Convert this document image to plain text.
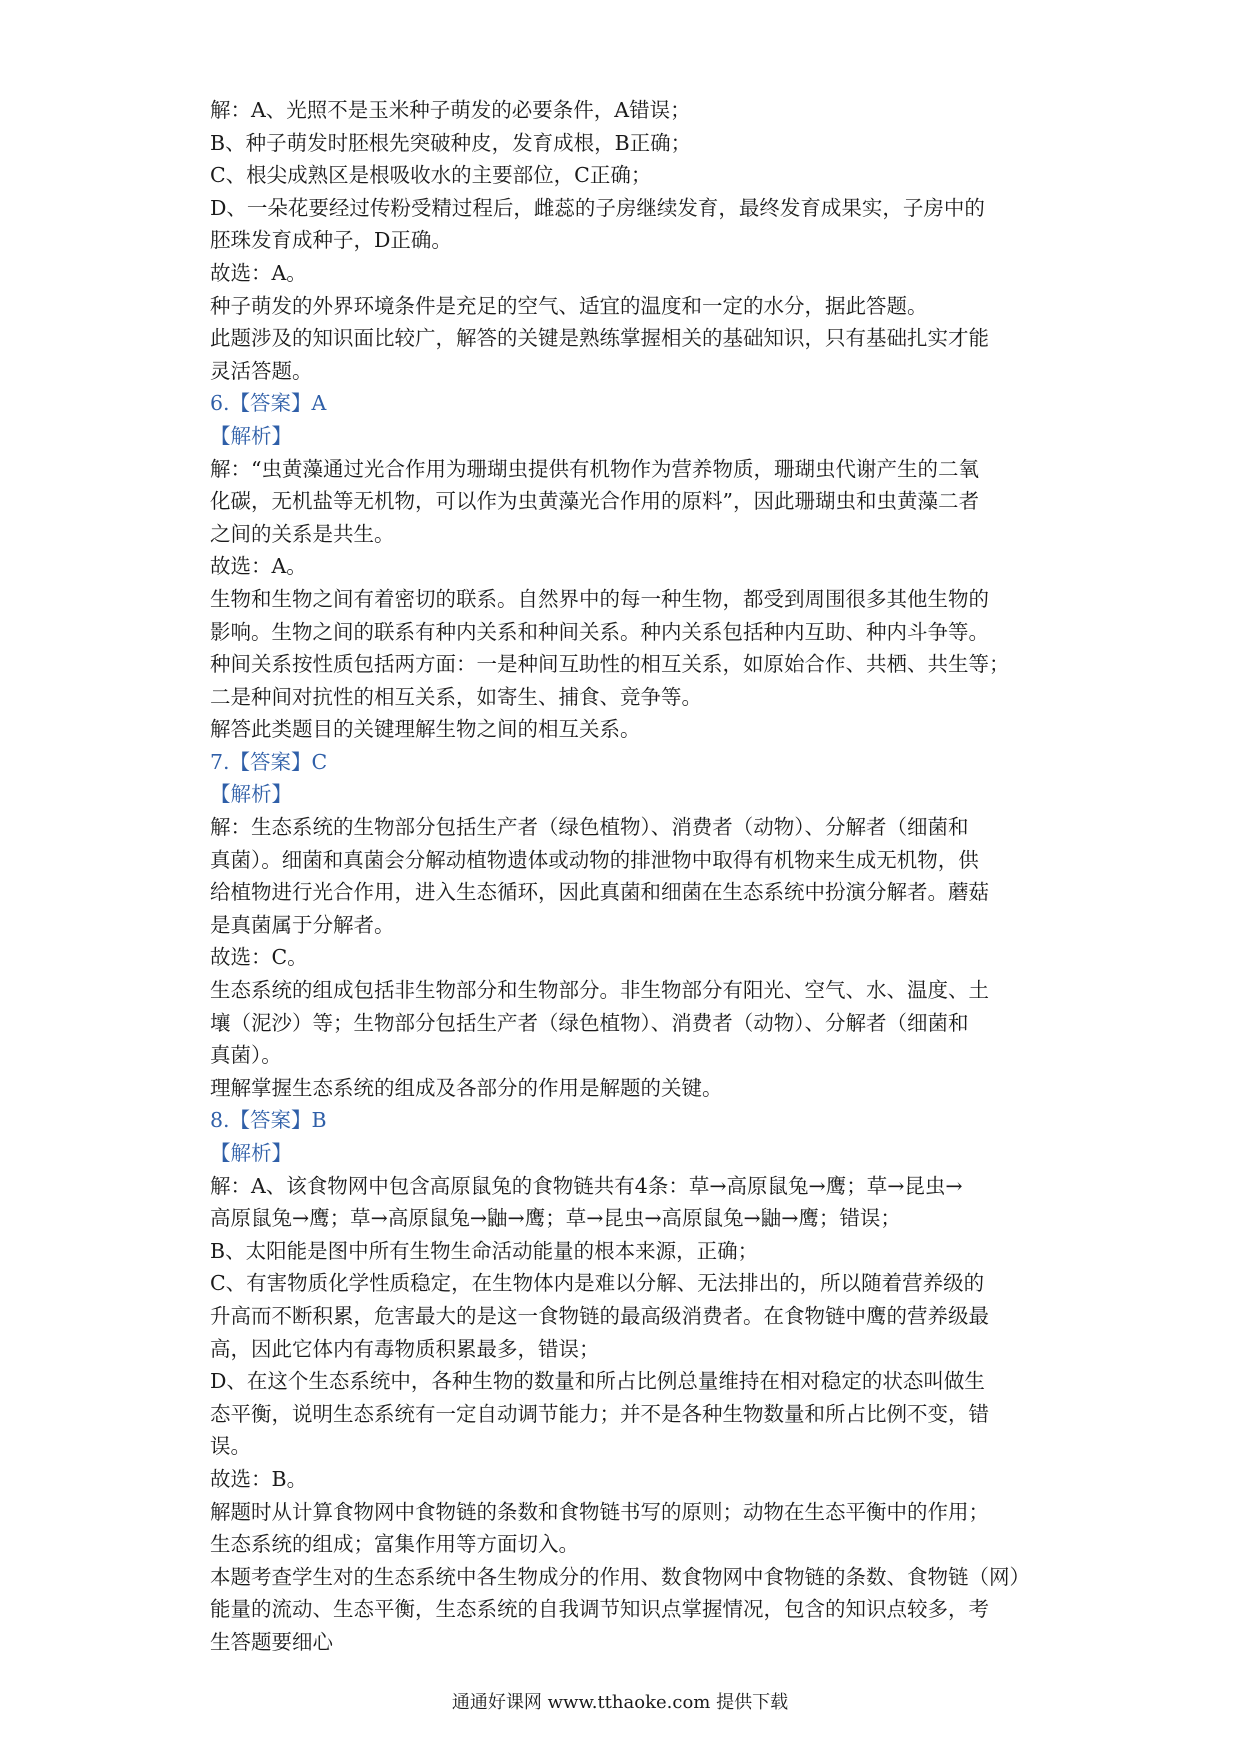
解：A、光照不是玉米种子萌发的必要条件，A错误；
B、种子萌发时胚根先突破种皮，发育成根，B正确；
C、根尖成熟区是根吸收水的主要部位，C正确；
D、一朵花要经过传粉受精过程后，雌蕊的子房继续发育，最终发育成果实，子房中的
胚珠发育成种子，D正确。
故选：A。
种子萌发的外界环境条件是充足的空气、适宜的温度和一定的水分，据此答题。
此题涉及的知识面比较广，解答的关键是熟练掌握相关的基础知识，只有基础扎实才能
灵活答题。
6.【答案】A
【解析】
解：“虫黄藻通过光合作用为珊瑚虫提供有机物作为营养物质，珊瑚虫代谢产生的二氧
化碳，无机盐等无机物，可以作为虫黄藻光合作用的原料”，因此珊瑚虫和虫黄藻二者
之间的关系是共生。
故选：A。
生物和生物之间有着密切的联系。自然界中的每一种生物，都受到周围很多其他生物的
影响。生物之间的联系有种内关系和种间关系。种内关系包括种内互助、种内斗争等。
种间关系按性质包括两方面：一是种间互助性的相互关系，如原始合作、共栖、共生等；
二是种间对抗性的相互关系，如寄生、捕食、竞争等。
解答此类题目的关键理解生物之间的相互关系。
7.【答案】C
【解析】
解：生态系统的生物部分包括生产者（绿色植物）、消费者（动物）、分解者（细菌和
真菌）。细菌和真菌会分解动植物遗体或动物的排泄物中取得有机物来生成无机物，供
给植物进行光合作用，进入生态循环，因此真菌和细菌在生态系统中扮演分解者。蘑菇
是真菌属于分解者。
故选：C。
生态系统的组成包括非生物部分和生物部分。非生物部分有阳光、空气、水、温度、土
壤（泥沙）等；生物部分包括生产者（绿色植物）、消费者（动物）、分解者（细菌和
真菌）。
理解掌握生态系统的组成及各部分的作用是解题的关键。
8.【答案】B
【解析】
解：A、该食物网中包含高原鼠兔的食物链共有4条：草→高原鼠兔→鹰；草→昆虫→
高原鼠兔→鹰；草→高原鼠兔→鼬→鹰；草→昆虫→高原鼠兔→鼬→鹰；错误；
B、太阳能是图中所有生物生命活动能量的根本来源，正确；
C、有害物质化学性质稳定，在生物体内是难以分解、无法排出的，所以随着营养级的
升高而不断积累，危害最大的是这一食物链的最高级消费者。在食物链中鹰的营养级最
高，因此它体内有毒物质积累最多，错误；
D、在这个生态系统中，各种生物的数量和所占比例总量维持在相对稳定的状态叫做生
态平衡，说明生态系统有一定自动调节能力；并不是各种生物数量和所占比例不变，错
误。
故选：B。
解题时从计算食物网中食物链的条数和食物链书写的原则；动物在生态平衡中的作用；
生态系统的组成；富集作用等方面切入。
本题考查学生对的生态系统中各生物成分的作用、数食物网中食物链的条数、食物链（网）
能量的流动、生态平衡，生态系统的自我调节知识点掌握情况，包含的知识点较多，考
生答题要细心
通通好课网 www.tthaoke.com 提供下载
